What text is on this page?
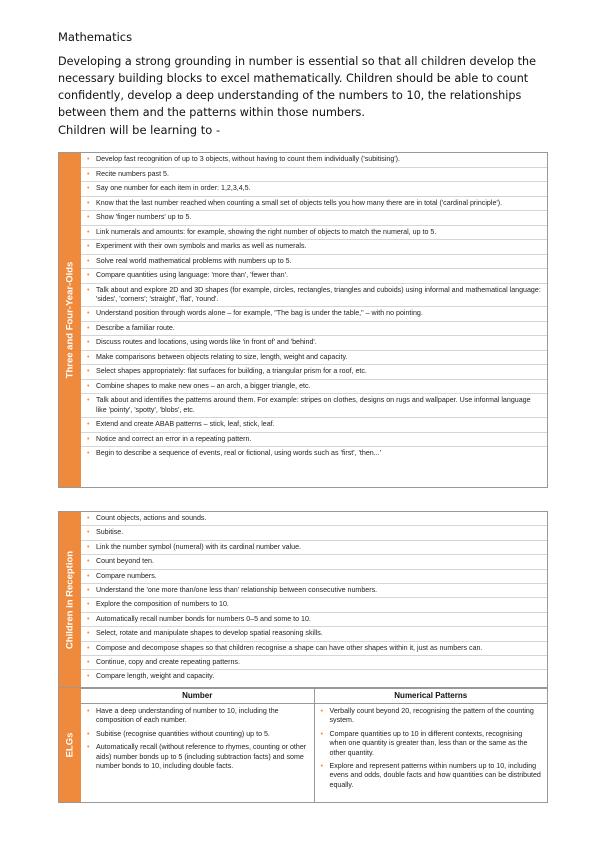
Mathematics
Developing a strong grounding in number is essential so that all children develop the necessary building blocks to excel mathematically. Children should be able to count confidently, develop a deep understanding of the numbers to 10, the relationships between them and the patterns within those numbers.
Children will be learning to -
Three and Four-Year-Olds
• Develop fast recognition of up to 3 objects, without having to count them individually ('subitising').
• Recite numbers past 5.
• Say one number for each item in order: 1,2,3,4,5.
• Know that the last number reached when counting a small set of objects tells you how many there are in total ('cardinal principle').
• Show 'finger numbers' up to 5.
• Link numerals and amounts: for example, showing the right number of objects to match the numeral, up to 5.
• Experiment with their own symbols and marks as well as numerals.
• Solve real world mathematical problems with numbers up to 5.
• Compare quantities using language: 'more than', 'fewer than'.
• Talk about and explore 2D and 3D shapes (for example, circles, rectangles, triangles and cuboids) using informal and mathematical language: 'sides', 'corners'; 'straight', 'flat', 'round'.
• Understand position through words alone – for example, "The bag is under the table," – with no pointing.
• Describe a familiar route.
• Discuss routes and locations, using words like 'in front of' and 'behind'.
• Make comparisons between objects relating to size, length, weight and capacity.
• Select shapes appropriately: flat surfaces for building, a triangular prism for a roof, etc.
• Combine shapes to make new ones – an arch, a bigger triangle, etc.
• Talk about and identifies the patterns around them. For example: stripes on clothes, designs on rugs and wallpaper. Use informal language like 'pointy', 'spotty', 'blobs', etc.
• Extend and create ABAB patterns – stick, leaf, stick, leaf.
• Notice and correct an error in a repeating pattern.
• Begin to describe a sequence of events, real or fictional, using words such as 'first', 'then...'
Children in Reception
• Count objects, actions and sounds.
• Subitise.
• Link the number symbol (numeral) with its cardinal number value.
• Count beyond ten.
• Compare numbers.
• Understand the 'one more than/one less than' relationship between consecutive numbers.
• Explore the composition of numbers to 10.
• Automatically recall number bonds for numbers 0–5 and some to 10.
• Select, rotate and manipulate shapes to develop spatial reasoning skills.
• Compose and decompose shapes so that children recognise a shape can have other shapes within it, just as numbers can.
• Continue, copy and create repeating patterns.
• Compare length, weight and capacity.
ELGs
Number
• Have a deep understanding of number to 10, including the composition of each number.
• Subitise (recognise quantities without counting) up to 5.
• Automatically recall (without reference to rhymes, counting or other aids) number bonds up to 5 (including subtraction facts) and some number bonds to 10, including double facts.
Numerical Patterns
• Verbally count beyond 20, recognising the pattern of the counting system.
• Compare quantities up to 10 in different contexts, recognising when one quantity is greater than, less than or the same as the other quantity.
• Explore and represent patterns within numbers up to 10, including evens and odds, double facts and how quantities can be distributed equally.
